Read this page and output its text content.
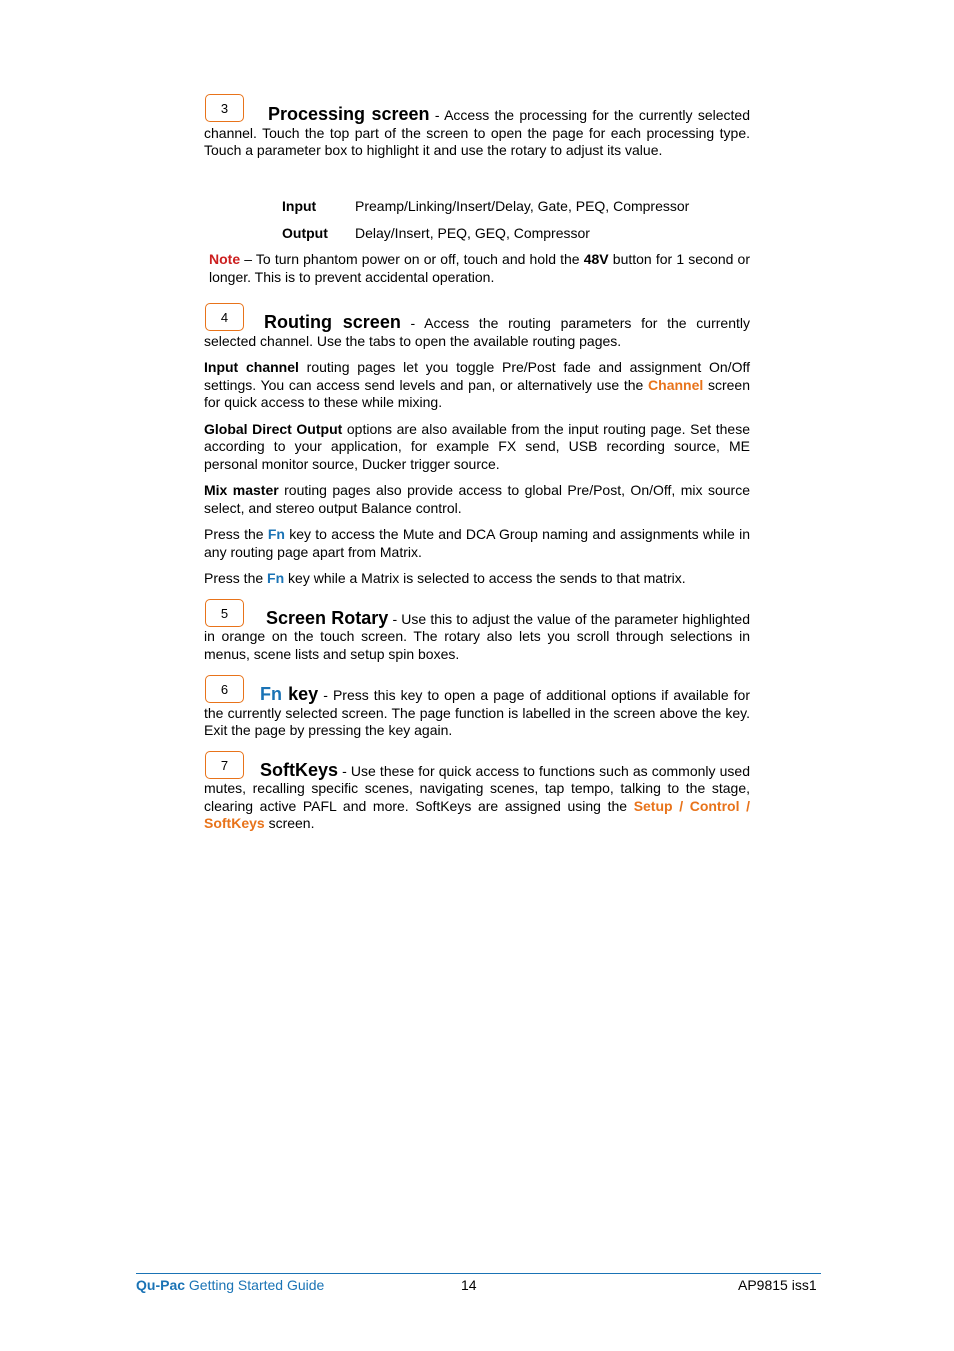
3	Processing screen - Access the processing for the currently selected channel. Touch the top part of the screen to open the page for each processing type. Touch a parameter box to highlight it and use the rotary to adjust its value.

Input	Preamp/Linking/Insert/Delay, Gate, PEQ, Compressor
Output	Delay/Insert, PEQ, GEQ, Compressor

Note – To turn phantom power on or off, touch and hold the 48V button for 1 second or longer. This is to prevent accidental operation.

4	Routing screen - Access the routing parameters for the currently selected channel. Use the tabs to open the available routing pages.

Input channel routing pages let you toggle Pre/Post fade and assignment On/Off settings. You can access send levels and pan, or alternatively use the Channel screen for quick access to these while mixing.

Global Direct Output options are also available from the input routing page. Set these according to your application, for example FX send, USB recording source, ME personal monitor source, Ducker trigger source.

Mix master routing pages also provide access to global Pre/Post, On/Off, mix source select, and stereo output Balance control.

Press the Fn key to access the Mute and DCA Group naming and assignments while in any routing page apart from Matrix.

Press the Fn key while a Matrix is selected to access the sends to that matrix.

5	Screen Rotary - Use this to adjust the value of the parameter highlighted in orange on the touch screen. The rotary also lets you scroll through selections in menus, scene lists and setup spin boxes.

6	Fn key - Press this key to open a page of additional options if available for the currently selected screen. The page function is labelled in the screen above the key. Exit the page by pressing the key again.

7	SoftKeys - Use these for quick access to functions such as commonly used mutes, recalling specific scenes, navigating scenes, tap tempo, talking to the stage, clearing active PAFL and more. SoftKeys are assigned using the Setup / Control / SoftKeys screen.

Qu-Pac Getting Started Guide	14	AP9815 iss1
